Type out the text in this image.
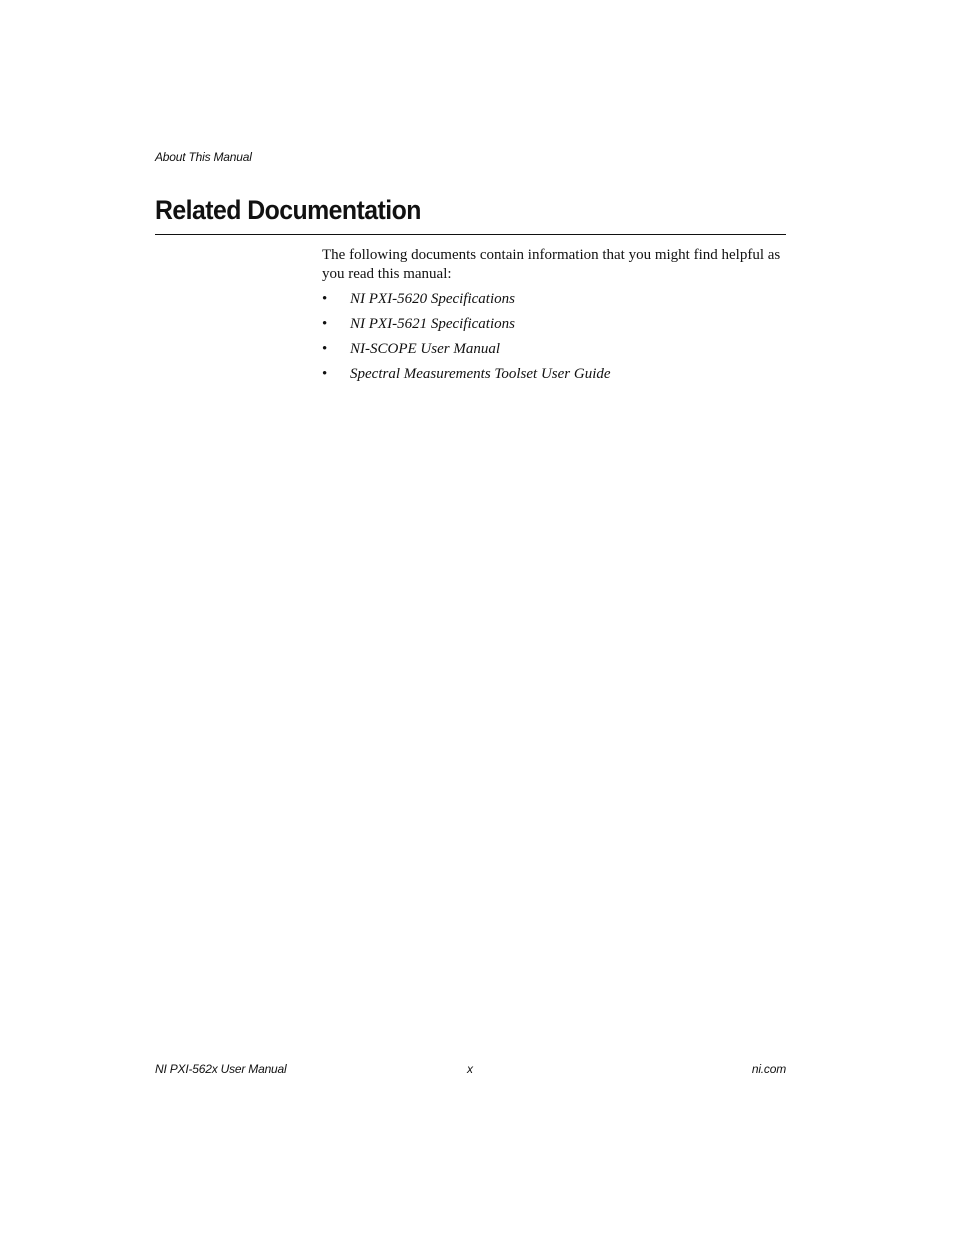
About This Manual
Related Documentation

The following documents contain information that you might find helpful as you read this manual:

• NI PXI-5620 Specifications
• NI PXI-5621 Specifications
• NI-SCOPE User Manual
• Spectral Measurements Toolset User Guide
NI PXI-562x User Manual	x	ni.com
